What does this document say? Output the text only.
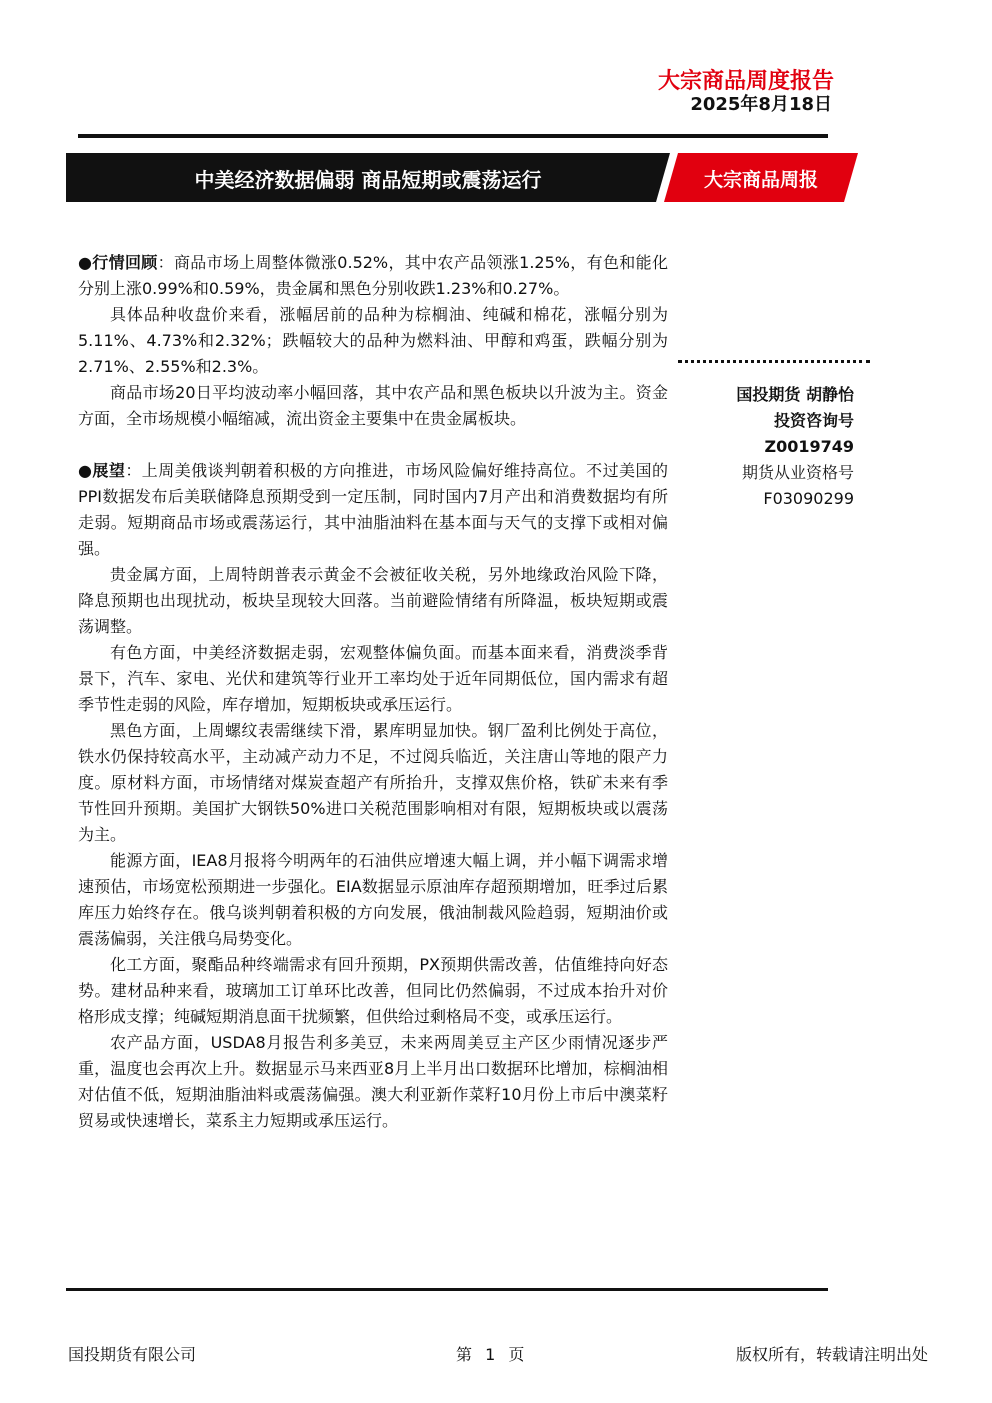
大宗商品周度报告
2025年8月18日
中美经济数据偏弱 商品短期或震荡运行	大宗商品周报

●行情回顾：商品市场上周整体微涨0.52%，其中农产品领涨1.25%，有色和能化分别上涨0.99%和0.59%，贵金属和黑色分别收跌1.23%和0.27%。

具体品种收盘价来看，涨幅居前的品种为棕榈油、纯碱和棉花，涨幅分别为5.11%、4.73%和2.32%；跌幅较大的品种为燃料油、甲醇和鸡蛋，跌幅分别为2.71%、2.55%和2.3%。

商品市场20日平均波动率小幅回落，其中农产品和黑色板块以升波为主。资金方面，全市场规模小幅缩减，流出资金主要集中在贵金属板块。

●展望：上周美俄谈判朝着积极的方向推进，市场风险偏好维持高位。不过美国的PPI数据发布后美联储降息预期受到一定压制，同时国内7月产出和消费数据均有所走弱。短期商品市场或震荡运行，其中油脂油料在基本面与天气的支撑下或相对偏强。

贵金属方面，上周特朗普表示黄金不会被征收关税，另外地缘政治风险下降，降息预期也出现扰动，板块呈现较大回落。当前避险情绪有所降温，板块短期或震荡调整。

有色方面，中美经济数据走弱，宏观整体偏负面。而基本面来看，消费淡季背景下，汽车、家电、光伏和建筑等行业开工率均处于近年同期低位，国内需求有超季节性走弱的风险，库存增加，短期板块或承压运行。

黑色方面，上周螺纹表需继续下滑，累库明显加快。钢厂盈利比例处于高位，铁水仍保持较高水平，主动减产动力不足，不过阅兵临近，关注唐山等地的限产力度。原材料方面，市场情绪对煤炭查超产有所抬升，支撑双焦价格，铁矿未来有季节性回升预期。美国扩大钢铁50%进口关税范围影响相对有限，短期板块或以震荡为主。

能源方面，IEA8月报将今明两年的石油供应增速大幅上调，并小幅下调需求增速预估，市场宽松预期进一步强化。EIA数据显示原油库存超预期增加，旺季过后累库压力始终存在。俄乌谈判朝着积极的方向发展，俄油制裁风险趋弱，短期油价或震荡偏弱，关注俄乌局势变化。

化工方面，聚酯品种终端需求有回升预期，PX预期供需改善，估值维持向好态势。建材品种来看，玻璃加工订单环比改善，但同比仍然偏弱，不过成本抬升对价格形成支撑；纯碱短期消息面干扰频繁，但供给过剩格局不变，或承压运行。

农产品方面，USDA8月报告利多美豆，未来两周美豆主产区少雨情况逐步严重，温度也会再次上升。数据显示马来西亚8月上半月出口数据环比增加，棕榈油相对估值不低，短期油脂油料或震荡偏强。澳大利亚新作菜籽10月份上市后中澳菜籽贸易或快速增长，菜系主力短期或承压运行。

国投期货 胡静怡
投资咨询号
Z0019749
期货从业资格号
F03090299
国投期货有限公司	第 1 页	版权所有，转载请注明出处
